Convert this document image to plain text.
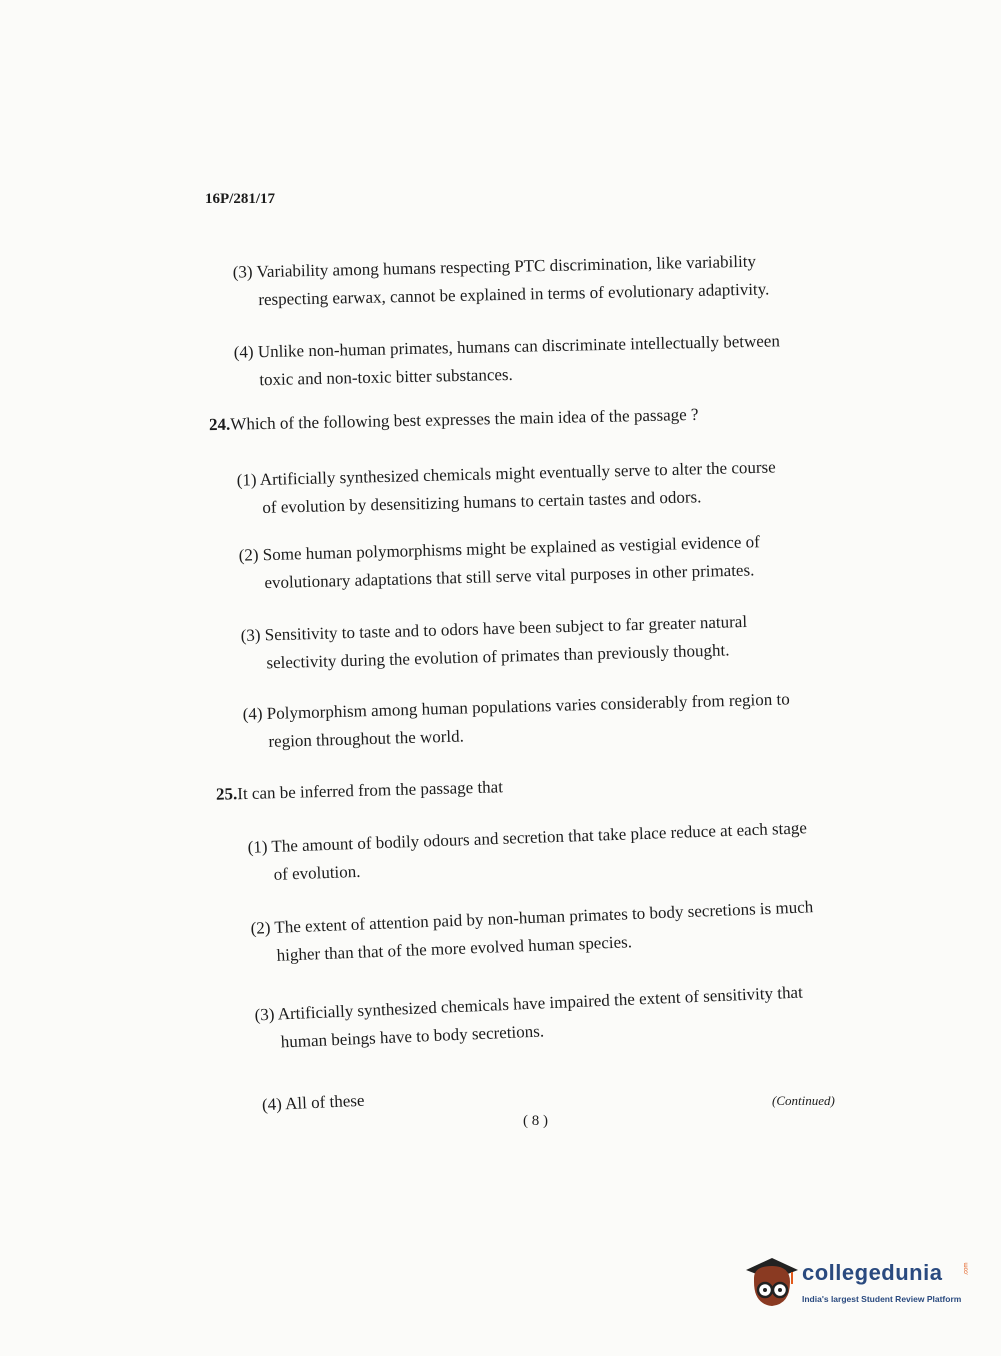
16P/281/17
(3) Variability among humans respecting PTC discrimination, like variability
respecting earwax, cannot be explained in terms of evolutionary adaptivity.
(4) Unlike non-human primates, humans can discriminate intellectually between
toxic and non-toxic bitter substances.
24.Which of the following best expresses the main idea of the passage ?
(1) Artificially synthesized chemicals might eventually serve to alter the course
of evolution by desensitizing humans to certain tastes and odors.
(2) Some human polymorphisms might be explained as vestigial evidence of
evolutionary adaptations that still serve vital purposes in other primates.
(3) Sensitivity to taste and to odors have been subject to far greater natural
selectivity during the evolution of primates than previously thought.
(4) Polymorphism among human populations varies considerably from region to
region throughout the world.
25.It can be inferred from the passage that
(1) The amount of bodily odours and secretion that take place reduce at each stage
of evolution.
(2) The extent of attention paid by non-human primates to body secretions is much
higher than that of the more evolved human species.
(3) Artificially synthesized chemicals have impaired the extent of sensitivity that
human beings have to body secretions.
(4) All of these	(Continued)
( 8 )
collegedunia	.com
India's largest Student Review Platform
